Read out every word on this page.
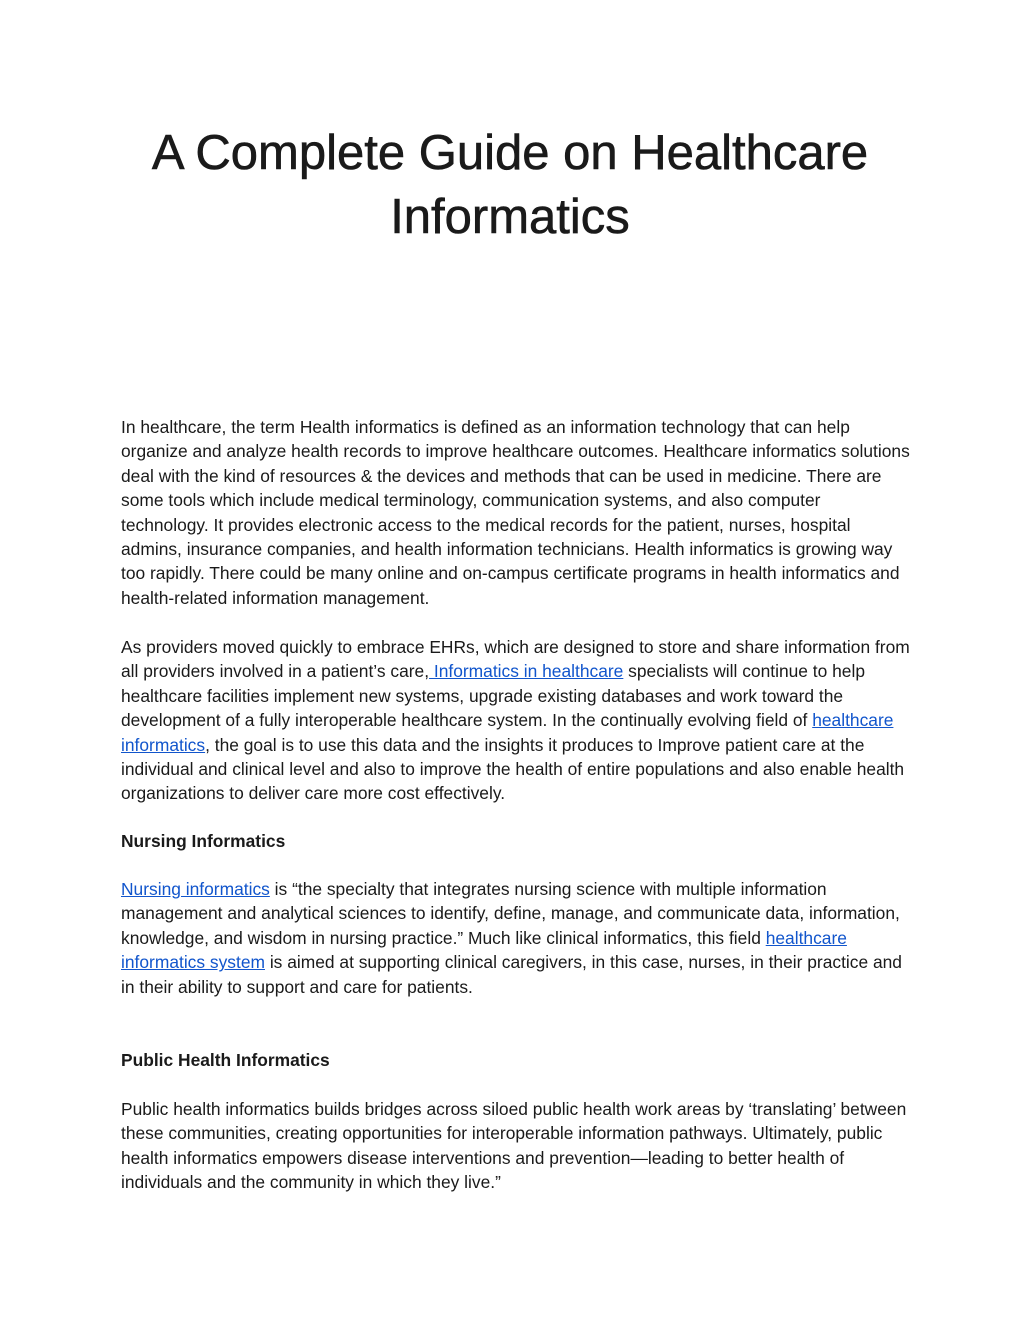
A Complete Guide on Healthcare
Informatics

In healthcare, the term Health informatics is defined as an information technology that can help organize and analyze health records to improve healthcare outcomes. Healthcare informatics solutions deal with the kind of resources & the devices and methods that can be used in medicine. There are some tools which include medical terminology, communication systems, and also computer technology. It provides electronic access to the medical records for the patient, nurses, hospital admins, insurance companies, and health information technicians. Health informatics is growing way too rapidly. There could be many online and on-campus certificate programs in health informatics and health-related information management.

As providers moved quickly to embrace EHRs, which are designed to store and share information from all providers involved in a patient’s care, Informatics in healthcare specialists will continue to help healthcare facilities implement new systems, upgrade existing databases and work toward the development of a fully interoperable healthcare system. In the continually evolving field of healthcare informatics, the goal is to use this data and the insights it produces to Improve patient care at the individual and clinical level and also to improve the health of entire populations and also enable health organizations to deliver care more cost effectively.

Nursing Informatics

Nursing informatics is “the specialty that integrates nursing science with multiple information management and analytical sciences to identify, define, manage, and communicate data, information, knowledge, and wisdom in nursing practice.” Much like clinical informatics, this field healthcare informatics system is aimed at supporting clinical caregivers, in this case, nurses, in their practice and in their ability to support and care for patients.

Public Health Informatics

Public health informatics builds bridges across siloed public health work areas by ‘translating’ between these communities, creating opportunities for interoperable information pathways. Ultimately, public health informatics empowers disease interventions and prevention—leading to better health of individuals and the community in which they live.”
